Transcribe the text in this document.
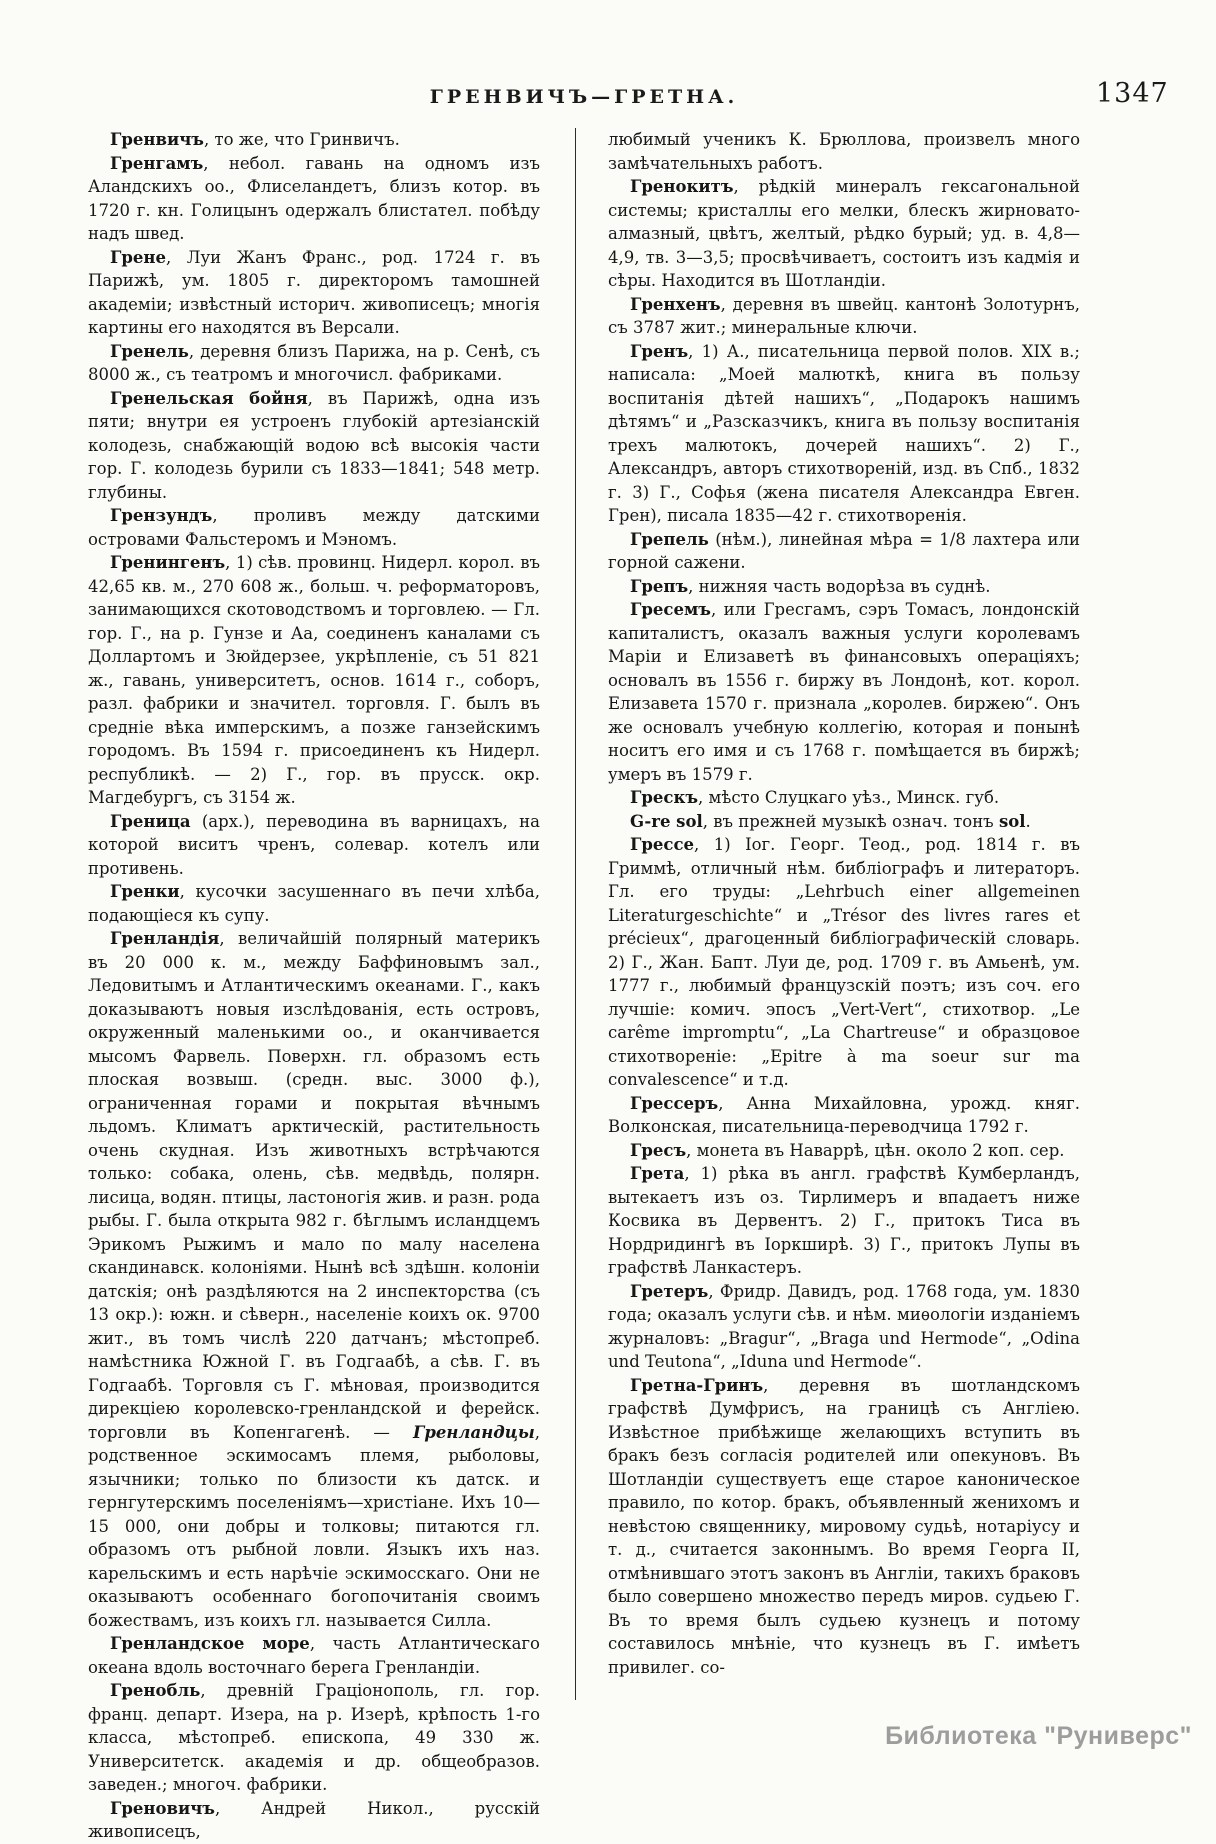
ГРЕНВИЧЪ—ГРЕТНА.	1347

Гренвичъ, то же, что Гринвичъ.

Гренгамъ, небол. гавань на одномъ изъ Аландскихъ оо., Флиселандетъ, близъ котор. въ 1720 г. кн. Голицынъ одержалъ блистател. побѣду надъ швед.

Грене, Луи Жанъ Франс., род. 1724 г. въ Парижѣ, ум. 1805 г. директоромъ тамошней академіи; извѣстный историч. живописецъ; многія картины его находятся въ Версали.

Гренель, деревня близъ Парижа, на р. Сенѣ, съ 8000 ж., съ театромъ и многочисл. фабриками.

Гренельская бойня, въ Парижѣ, одна изъ пяти; внутри ея устроенъ глубокій артезіанскій колодезь, снабжающій водою всѣ высокія части гор. Г. колодезь бурили съ 1833—1841; 548 метр. глубины.

Грензундъ, проливъ между датскими островами Фальстеромъ и Мэномъ.

Гренингенъ, 1) сѣв. провинц. Нидерл. корол. въ 42,65 кв. м., 270 608 ж., больш. ч. реформаторовъ, занимающихся скотоводствомъ и торговлею. — Гл. гор. Г., на р. Гунзе и Аа, соединенъ каналами съ Доллартомъ и Зюйдерзее, укрѣпленіе, съ 51 821 ж., гавань, университетъ, основ. 1614 г., соборъ, разл. фабрики и значител. торговля. Г. былъ въ средніе вѣка имперскимъ, а позже ганзейскимъ городомъ. Въ 1594 г. присоединенъ къ Нидерл. республикѣ. — 2) Г., гор. въ прусск. окр. Магдебургъ, съ 3154 ж.

Греница (арх.), переводина въ варницахъ, на которой виситъ чренъ, солевар. котелъ или противень.

Гренки, кусочки засушеннаго въ печи хлѣба, подающіеся къ супу.

Гренландія, величайшій полярный материкъ въ 20 000 к. м., между Баффиновымъ зал., Ледовитымъ и Атлантическимъ океанами. Г., какъ доказываютъ новыя изслѣдованія, есть островъ, окруженный маленькими оо., и оканчивается мысомъ Фарвель. Поверхн. гл. образомъ есть плоская возвыш. (средн. выс. 3000 ф.), ограниченная горами и покрытая вѣчнымъ льдомъ. Климатъ арктическій, растительность очень скудная. Изъ животныхъ встрѣчаются только: собака, олень, сѣв. медвѣдь, полярн. лисица, водян. птицы, ластоногія жив. и разн. рода рыбы. Г. была открыта 982 г. бѣглымъ исландцемъ Эрикомъ Рыжимъ и мало по малу населена скандинавск. колоніями. Нынѣ всѣ здѣшн. колоніи датскія; онѣ раздѣляются на 2 инспекторства (съ 13 окр.): южн. и сѣверн., населеніе коихъ ок. 9700 жит., въ томъ числѣ 220 датчанъ; мѣстопреб. намѣстника Южной Г. въ Годгаабѣ, а сѣв. Г. въ Годгаабѣ. Торговля съ Г. мѣновая, производится дирекціею королевско-гренландской и ферейск. торговли въ Копенгагенѣ. — Гренландцы, родственное эскимосамъ племя, рыболовы, язычники; только по близости къ датск. и гернгутерскимъ поселеніямъ—христіане. Ихъ 10—15 000, они добры и толковы; питаются гл. образомъ отъ рыбной ловли. Языкъ ихъ наз. карельскимъ и есть нарѣчіе эскимосскаго. Они не оказываютъ особеннаго богопочитанія своимъ божествамъ, изъ коихъ гл. называется Силла.

Гренландское море, часть Атлантическаго океана вдоль восточнаго берега Гренландіи.

Гренобль, древній Граціонополь, гл. гор. франц. департ. Изера, на р. Изерѣ, крѣпость 1-го класса, мѣстопреб. епископа, 49 330 ж. Университетск. академія и др. общеобразов. заведен.; многоч. фабрики.

Греновичъ, Андрей Никол., русскій живописецъ,

любимый ученикъ К. Брюллова, произвелъ много замѣчательныхъ работъ.

Гренокитъ, рѣдкій минералъ гексагональной системы; кристаллы его мелки, блескъ жирновато-алмазный, цвѣтъ, желтый, рѣдко бурый; уд. в. 4,8—4,9, тв. 3—3,5; просвѣчиваетъ, состоитъ изъ кадмія и сѣры. Находится въ Шотландіи.

Гренхенъ, деревня въ швейц. кантонѣ Золотурнъ, съ 3787 жит.; минеральные ключи.

Гренъ, 1) А., писательница первой полов. XIX в.; написала: „Моей малюткѣ, книга въ пользу воспитанія дѣтей нашихъ“, „Подарокъ нашимъ дѣтямъ“ и „Разсказчикъ, книга въ пользу воспитанія трехъ малютокъ, дочерей нашихъ“. 2) Г., Александръ, авторъ стихотвореній, изд. въ Спб., 1832 г. 3) Г., Софья (жена писателя Александра Евген. Грен), писала 1835—42 г. стихотворенія.

Грепель (нѣм.), линейная мѣра = 1/8 лахтера или горной сажени.

Грепъ, нижняя часть водорѣза въ суднѣ.

Гресемъ, или Гресгамъ, сэръ Томасъ, лондонскій капиталистъ, оказалъ важныя услуги королевамъ Маріи и Елизаветѣ въ финансовыхъ операціяхъ; основалъ въ 1556 г. биржу въ Лондонѣ, кот. корол. Елизавета 1570 г. признала „королев. биржею“. Онъ же основалъ учебную коллегію, которая и понынѣ носитъ его имя и съ 1768 г. помѣщается въ биржѣ; умеръ въ 1579 г.

Грескъ, мѣсто Слуцкаго уѣз., Минск. губ.

G-re sol, въ прежней музыкѣ означ. тонъ sol.

Грессе, 1) Іог. Георг. Теод., род. 1814 г. въ Гриммѣ, отличный нѣм. библіографъ и литераторъ. Гл. его труды: „Lehrbuch einer allgemeinen Literaturgeschichte“ и „Trésor des livres rares et précieux“, драгоценный библіографическій словарь. 2) Г., Жан. Бапт. Луи де, род. 1709 г. въ Амьенѣ, ум. 1777 г., любимый французскій поэтъ; изъ соч. его лучшіе: комич. эпосъ „Vert-Vert“, стихотвор. „Le carême impromptu“, „La Chartreuse“ и образцовое стихотвореніе: „Epitre à ma soeur sur ma convalescence“ и т.д.

Грессеръ, Анна Михайловна, урожд. княг. Волконская, писательница-переводчица 1792 г.

Гресъ, монета въ Наваррѣ, цѣн. около 2 коп. сер.

Грета, 1) рѣка въ англ. графствѣ Кумберландъ, вытекаетъ изъ оз. Тирлимеръ и впадаетъ ниже Косвика въ Дервентъ. 2) Г., притокъ Тиса въ Нордридингѣ въ Іоркширѣ. 3) Г., притокъ Лупы въ графствѣ Ланкастеръ.

Гретеръ, Фридр. Давидъ, род. 1768 года, ум. 1830 года; оказалъ услуги сѣв. и нѣм. миѳологіи изданіемъ журналовъ: „Bragur“, „Braga und Hermode“, „Odina und Teutona“, „Iduna und Hermode“.

Гретна-Гринъ, деревня въ шотландскомъ графствѣ Думфрисъ, на границѣ съ Англіею. Извѣстное прибѣжище желающихъ вступить въ бракъ безъ согласія родителей или опекуновъ. Въ Шотландіи существуетъ еще старое каноническое правило, по котор. бракъ, объявленный женихомъ и невѣстою священнику, мировому судьѣ, нотаріусу и т. д., считается законнымъ. Во время Георга II, отмѣнившаго этотъ законъ въ Англіи, такихъ браковъ было совершено множество передъ миров. судьею Г. Въ то время былъ судьею кузнецъ и потому составилось мнѣніе, что кузнецъ въ Г. имѣетъ привилег. со-

Библиотека "Руниверс"
